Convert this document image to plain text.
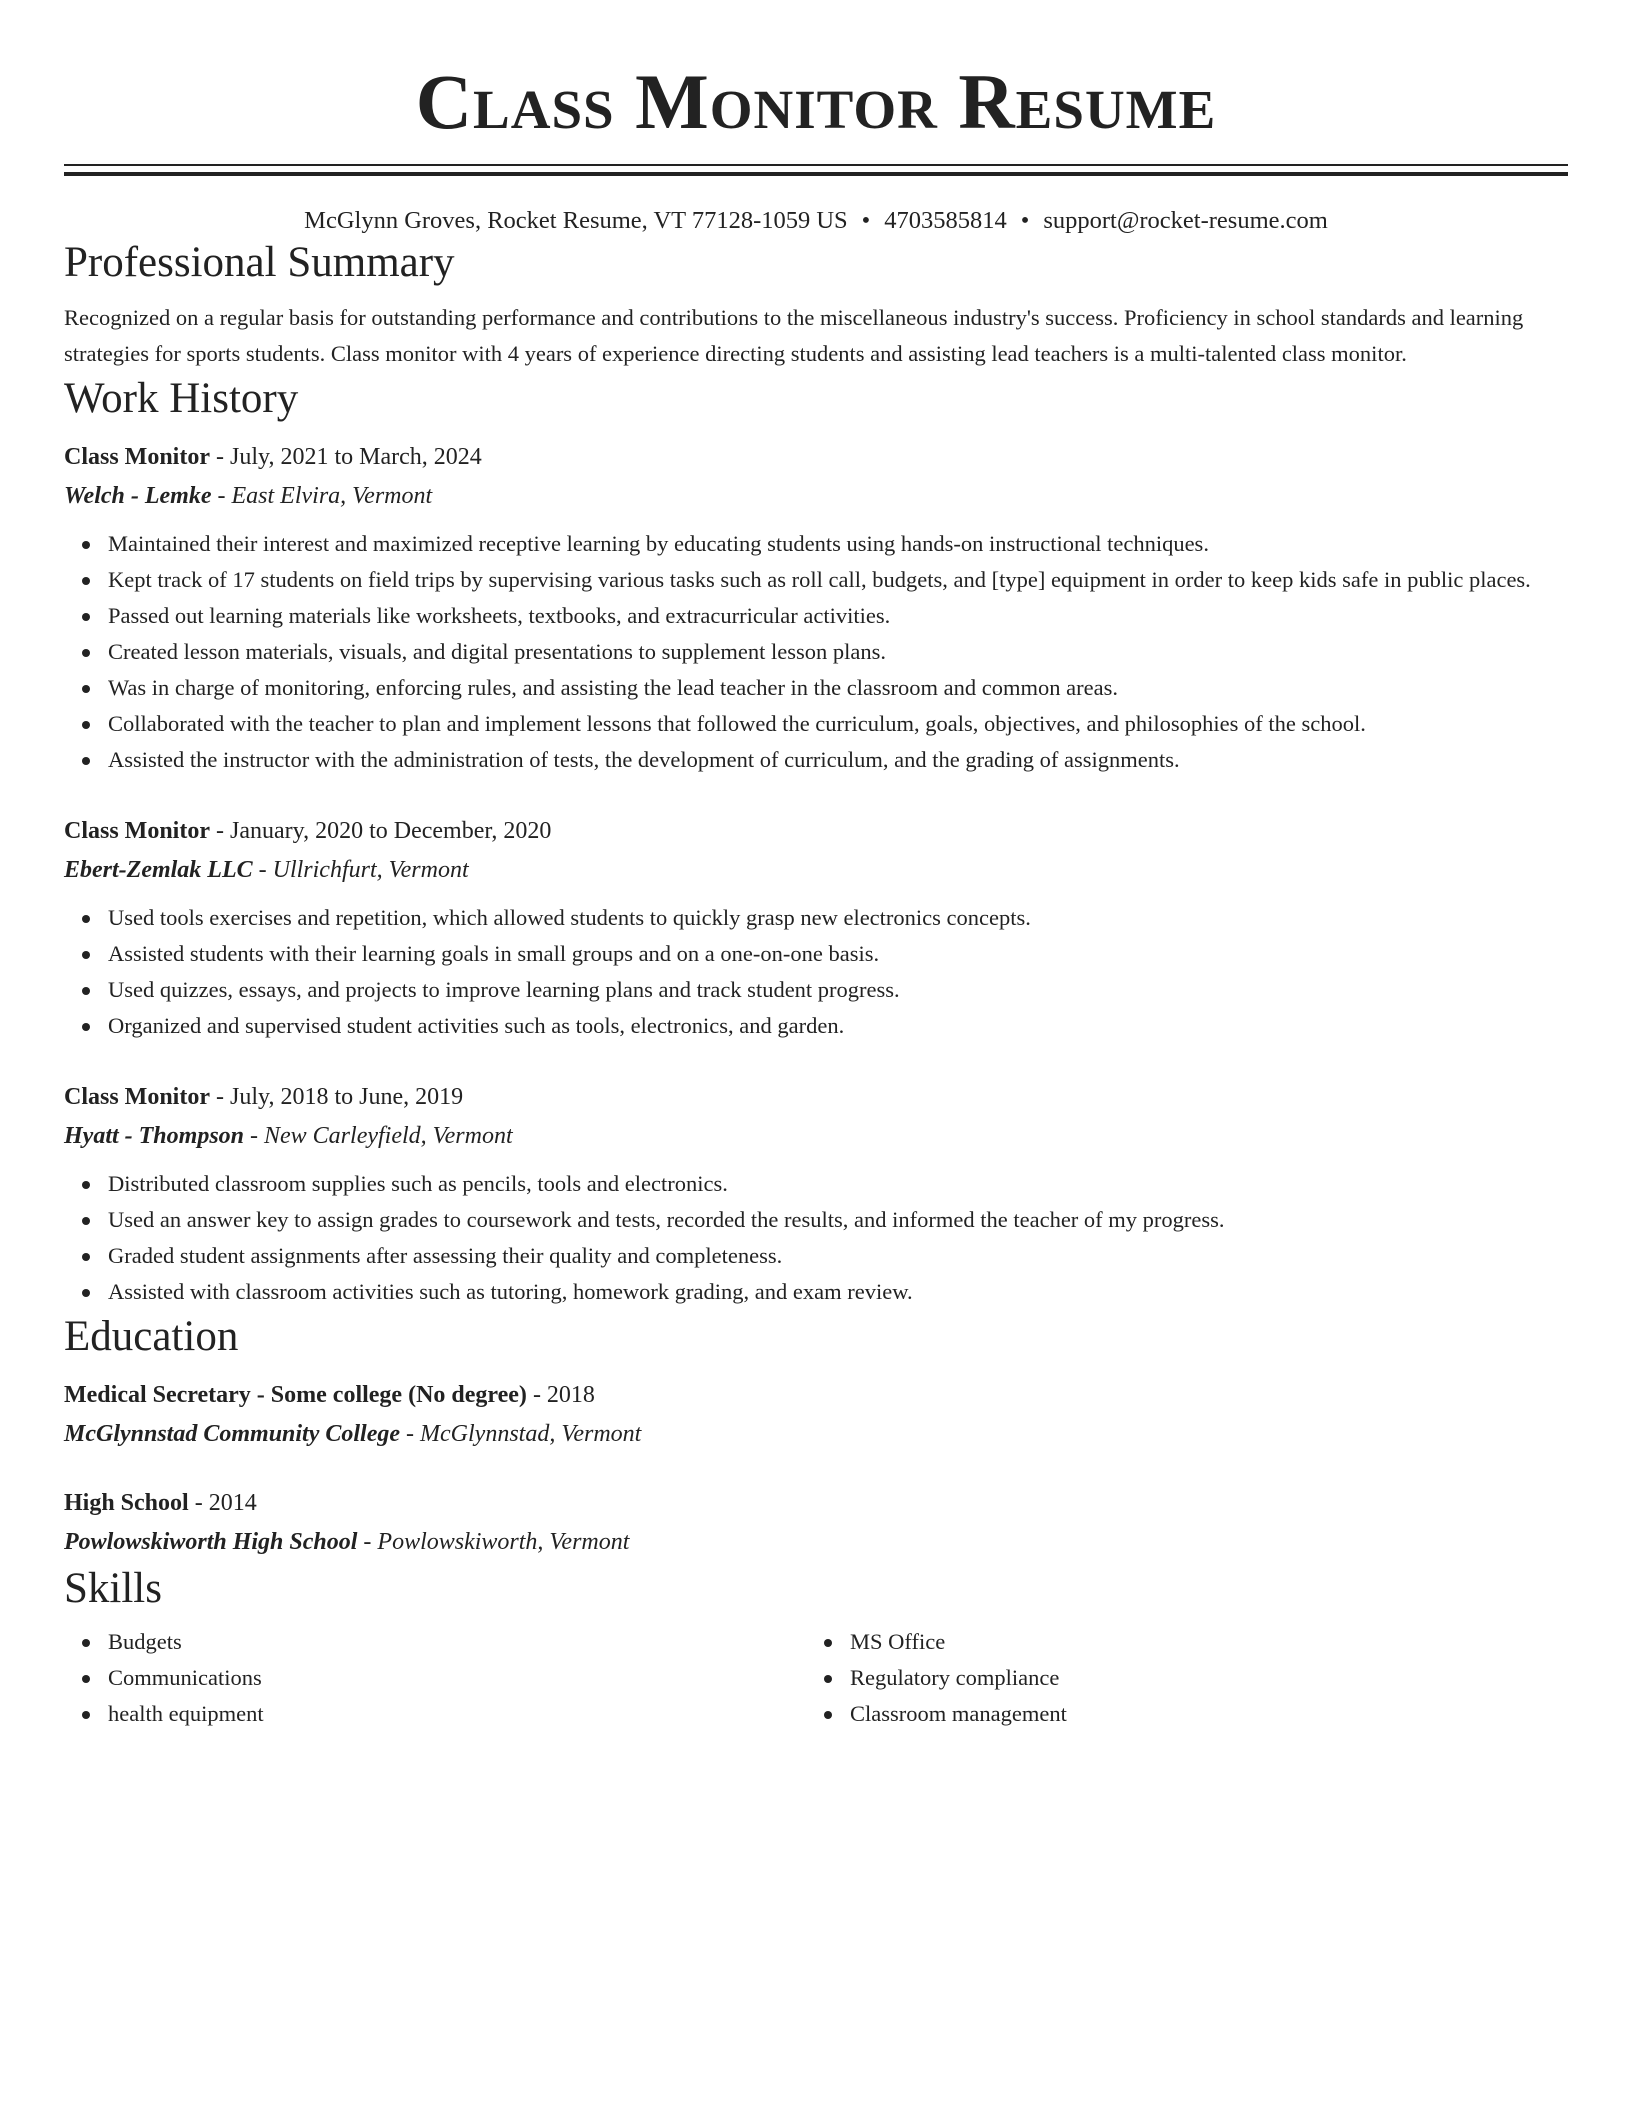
Class Monitor Resume
McGlynn Groves, Rocket Resume, VT 77128-1059 US • 4703585814 • support@rocket-resume.com
Professional Summary

Recognized on a regular basis for outstanding performance and contributions to the miscellaneous industry's success. Proficiency in school standards and learning strategies for sports students. Class monitor with 4 years of experience directing students and assisting lead teachers is a multi-talented class monitor.

Work History
Class Monitor - July, 2021 to March, 2024
Welch - Lemke - East Elvira, Vermont
Maintained their interest and maximized receptive learning by educating students using hands-on instructional techniques.
Kept track of 17 students on field trips by supervising various tasks such as roll call, budgets, and [type] equipment in order to keep kids safe in public places.
Passed out learning materials like worksheets, textbooks, and extracurricular activities.
Created lesson materials, visuals, and digital presentations to supplement lesson plans.
Was in charge of monitoring, enforcing rules, and assisting the lead teacher in the classroom and common areas.
Collaborated with the teacher to plan and implement lessons that followed the curriculum, goals, objectives, and philosophies of the school.
Assisted the instructor with the administration of tests, the development of curriculum, and the grading of assignments.
Class Monitor - January, 2020 to December, 2020
Ebert-Zemlak LLC - Ullrichfurt, Vermont
Used tools exercises and repetition, which allowed students to quickly grasp new electronics concepts.
Assisted students with their learning goals in small groups and on a one-on-one basis.
Used quizzes, essays, and projects to improve learning plans and track student progress.
Organized and supervised student activities such as tools, electronics, and garden.
Class Monitor - July, 2018 to June, 2019
Hyatt - Thompson - New Carleyfield, Vermont
Distributed classroom supplies such as pencils, tools and electronics.
Used an answer key to assign grades to coursework and tests, recorded the results, and informed the teacher of my progress.
Graded student assignments after assessing their quality and completeness.
Assisted with classroom activities such as tutoring, homework grading, and exam review.
Education
Medical Secretary - Some college (No degree) - 2018
McGlynnstad Community College - McGlynnstad, Vermont
High School - 2014
Powlowskiworth High School - Powlowskiworth, Vermont
Skills
Budgets
Communications
health equipment
MS Office
Regulatory compliance
Classroom management
